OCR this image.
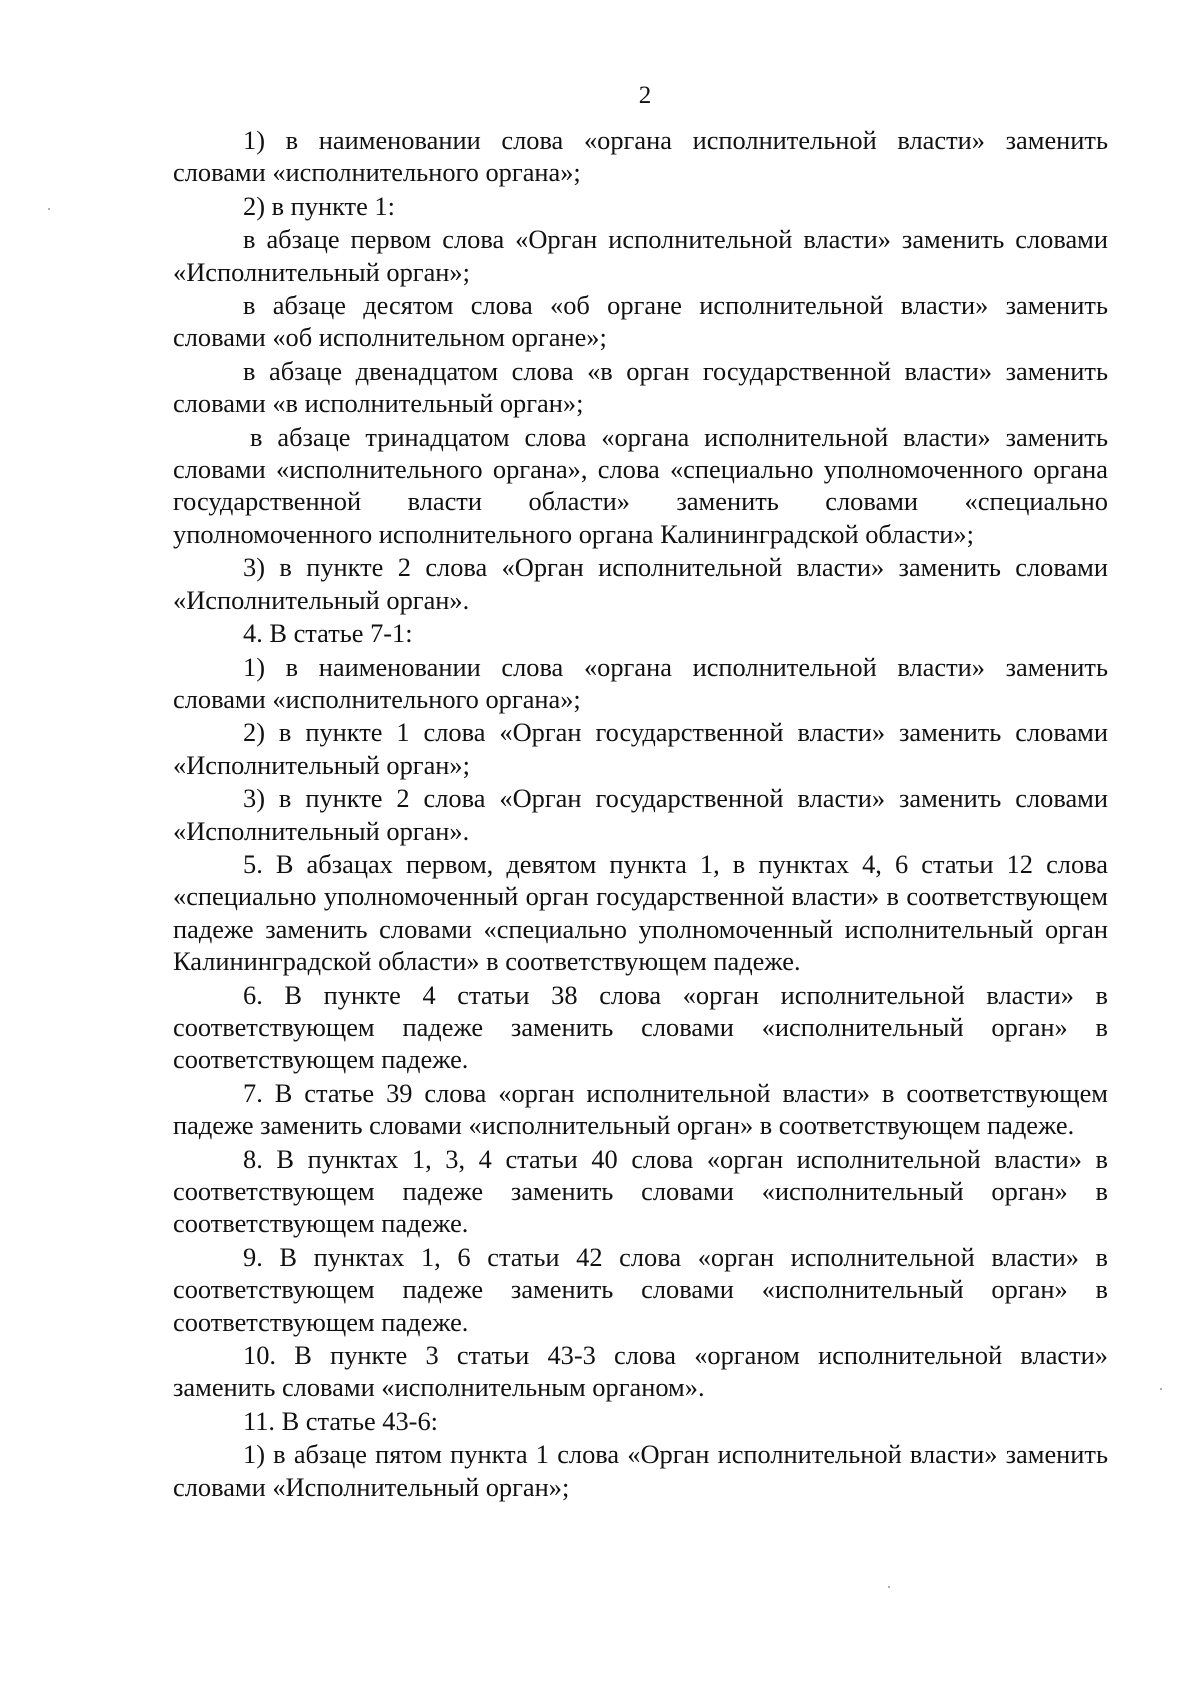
2

1) в наименовании слова «органа исполнительной власти» заменить словами «исполнительного органа»;

2) в пункте 1:

в абзаце первом слова «Орган исполнительной власти» заменить словами «Исполнительный орган»;

в абзаце десятом слова «об органе исполнительной власти» заменить словами «об исполнительном органе»;

в абзаце двенадцатом слова «в орган государственной власти» заменить словами «в исполнительный орган»;

в абзаце тринадцатом слова «органа исполнительной власти» заменить словами «исполнительного органа», слова «специально уполномоченного органа государственной власти области» заменить словами «специально уполномоченного исполнительного органа Калининградской области»;

3) в пункте 2 слова «Орган исполнительной власти» заменить словами «Исполнительный орган».

4. В статье 7-1:

1) в наименовании слова «органа исполнительной власти» заменить словами «исполнительного органа»;

2) в пункте 1 слова «Орган государственной власти» заменить словами «Исполнительный орган»;

3) в пункте 2 слова «Орган государственной власти» заменить словами «Исполнительный орган».

5. В абзацах первом, девятом пункта 1, в пунктах 4, 6 статьи 12 слова «специально уполномоченный орган государственной власти» в соответствующем падеже заменить словами «специально уполномоченный исполнительный орган Калининградской области» в соответствующем падеже.

6. В пункте 4 статьи 38 слова «орган исполнительной власти» в соответствующем падеже заменить словами «исполнительный орган» в соответствующем падеже.

7. В статье 39 слова «орган исполнительной власти» в соответствующем падеже заменить словами «исполнительный орган» в соответствующем падеже.

8. В пунктах 1, 3, 4 статьи 40 слова «орган исполнительной власти» в соответствующем падеже заменить словами «исполнительный орган» в соответствующем падеже.

9. В пунктах 1, 6 статьи 42 слова «орган исполнительной власти» в соответствующем падеже заменить словами «исполнительный орган» в соответствующем падеже.

10. В пункте 3 статьи 43-3 слова «органом исполнительной власти» заменить словами «исполнительным органом».

11. В статье 43-6:

1) в абзаце пятом пункта 1 слова «Орган исполнительной власти» заменить словами «Исполнительный орган»;
